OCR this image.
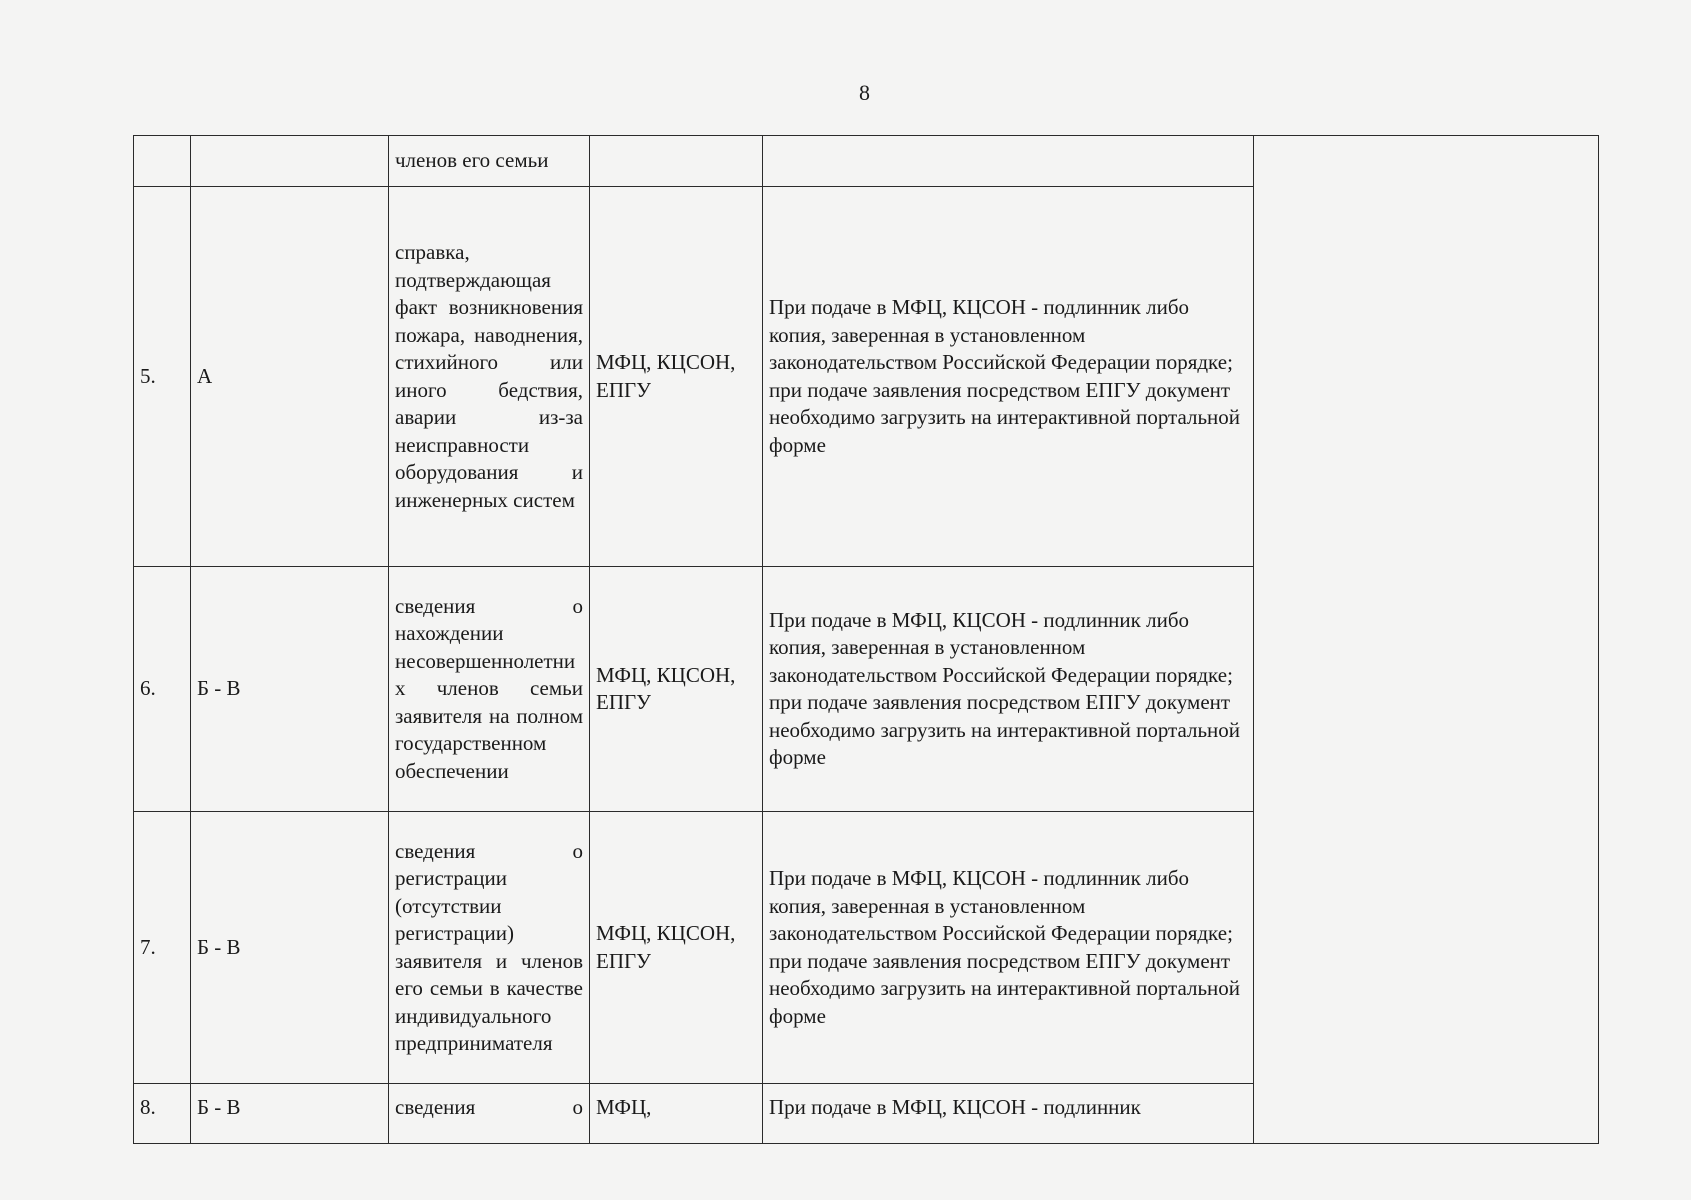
8
		членов его семьи			
5.	А	справка, подтверждающая факт возникновения пожара, наводнения, стихийного или иного бедствия, аварии из-за неисправности оборудования и инженерных систем	МФЦ, КЦСОН, ЕПГУ	При подаче в МФЦ, КЦСОН - подлинник либо копия, заверенная в установленном законодательством Российской Федерации порядке; при подаче заявления посредством ЕПГУ документ необходимо загрузить на интерактивной портальной форме	
6.	Б - В	сведения о нахождении несовершеннолетних членов семьи заявителя на полном государственном обеспечении	МФЦ, КЦСОН, ЕПГУ	При подаче в МФЦ, КЦСОН - подлинник либо копия, заверенная в установленном законодательством Российской Федерации порядке; при подаче заявления посредством ЕПГУ документ необходимо загрузить на интерактивной портальной форме	
7.	Б - В	сведения о регистрации (отсутствии регистрации) заявителя и членов его семьи в качестве индивидуального предпринимателя	МФЦ, КЦСОН, ЕПГУ	При подаче в МФЦ, КЦСОН - подлинник либо копия, заверенная в установленном законодательством Российской Федерации порядке; при подаче заявления посредством ЕПГУ документ необходимо загрузить на интерактивной портальной форме	
8.	Б - В	сведения о	МФЦ,	При подаче в МФЦ, КЦСОН - подлинник	
